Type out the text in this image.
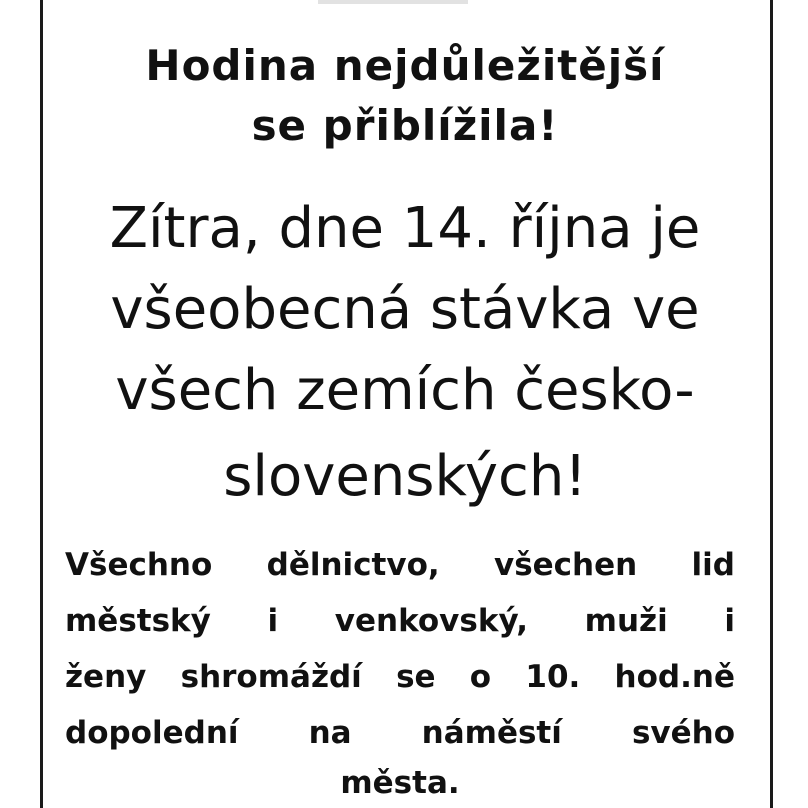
Hodina nejdůležitější
se přiblížila!
Zítra, dne 14. října je
všeobecná stávka ve
všech zemích česko-
slovenských!
Všechno dělnictvo, všechen lid
městský i venkovský, muži i
ženy shromáždí se o 10. hod.ně
dopolední na náměstí svého
města.
